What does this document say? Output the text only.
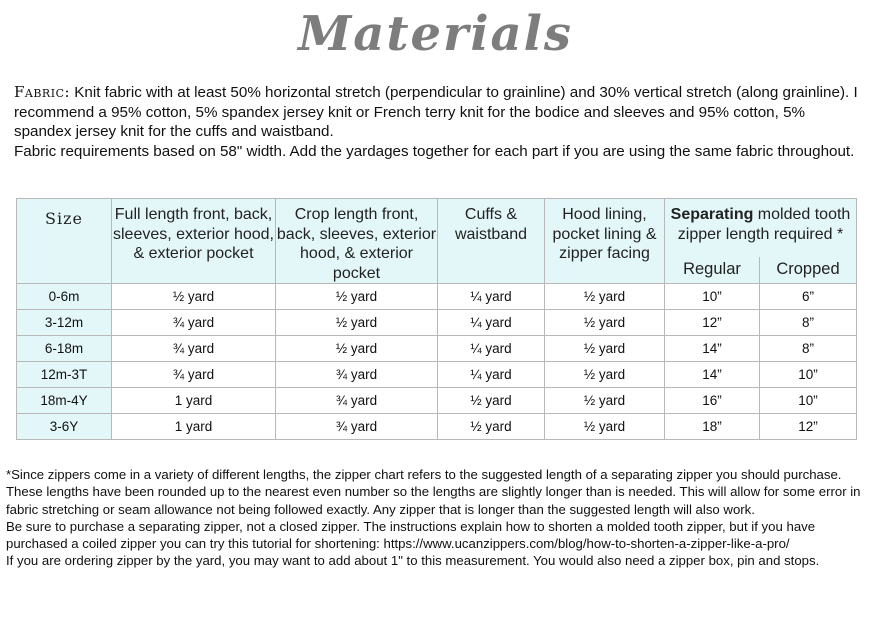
Materials
Fabric: Knit fabric with at least 50% horizontal stretch (perpendicular to grainline) and 30% vertical stretch (along grainline). I recommend a 95% cotton, 5% spandex jersey knit or French terry knit for the bodice and sleeves and 95% cotton, 5% spandex jersey knit for the cuffs and waistband.
Fabric requirements based on 58" width. Add the yardages together for each part if you are using the same fabric throughout.
Size	Full length front, back, sleeves, exterior hood, & exterior pocket	Crop length front, back, sleeves, exterior hood, & exterior pocket	Cuffs & waistband	Hood lining, pocket lining & zipper facing	Separating molded tooth zipper length required *	
					Regular	Cropped
0-6m	½ yard	½ yard	¼ yard	½ yard	10”	6”
3-12m	¾ yard	½ yard	¼ yard	½ yard	12”	8”
6-18m	¾ yard	½ yard	¼ yard	½ yard	14”	8”
12m-3T	¾ yard	¾ yard	¼ yard	½ yard	14”	10”
18m-4Y	1 yard	¾ yard	½ yard	½ yard	16”	10”
3-6Y	1 yard	¾ yard	½ yard	½ yard	18”	12”

*Since zippers come in a variety of different lengths, the zipper chart refers to the suggested length of a separating zipper you should purchase. These lengths have been rounded up to the nearest even number so the lengths are slightly longer than is needed. This will allow for some error in fabric stretching or seam allowance not being followed exactly. Any zipper that is longer than the suggested length will also work.

Be sure to purchase a separating zipper, not a closed zipper. The instructions explain how to shorten a molded tooth zipper, but if you have purchased a coiled zipper you can try this tutorial for shortening: https://www.ucanzippers.com/blog/how-to-shorten-a-zipper-like-a-pro/

If you are ordering zipper by the yard, you may want to add about 1" to this measurement. You would also need a zipper box, pin and stops.
